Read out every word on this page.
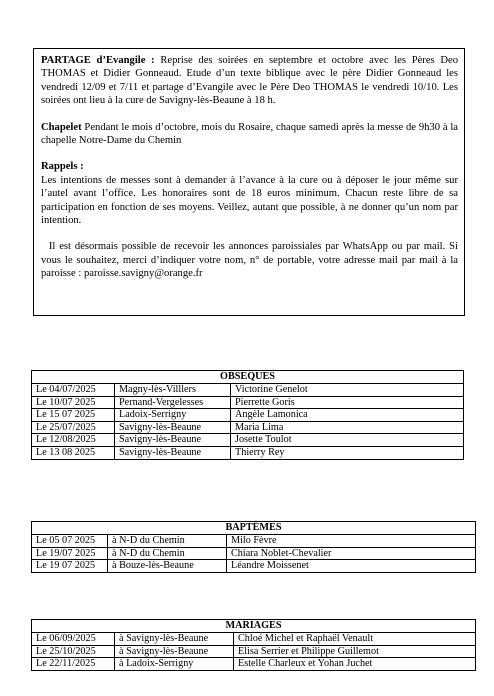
PARTAGE d’Evangile : Reprise des soirées en septembre et octobre avec les Pères Deo THOMAS et Didier Gonneaud. Etude d’un texte biblique avec le père Didier Gonneaud les vendredi 12/09 et 7/11 et partage d’Evangile avec le Père Deo THOMAS le vendredi 10/10. Les soirées ont lieu à la cure de Savigny-lès-Beaune à 18 h.

Chapelet Pendant le mois d’octobre, mois du Rosaire, chaque samedi après la messe de 9h30 à la chapelle Notre-Dame du Chemin

Rappels :
Les intentions de messes sont à demander à l’avance à la cure ou à déposer le jour même sur l’autel avant l’office. Les honoraires sont de 18 euros minimum. Chacun reste libre de sa participation en fonction de ses moyens. Veillez, autant que possible, à ne donner qu’un nom par intention.

Il est désormais possible de recevoir les annonces paroissiales par WhatsApp ou par mail. Si vous le souhaitez, merci d’indiquer votre nom, n° de portable, votre adresse mail par mail à la paroisse : paroisse.savigny@orange.fr

OBSEQUES		
Le 04/07/2025	Magny-lès-Villlers	Victorine Genelot
Le 10/07 2025	Pernand-Vergelesses	Pierrette Goris
Le 15 07 2025	Ladoix-Serrigny	Angèle Lamonica
Le 25/07/2025	Savigny-lès-Beaune	Maria Lima
Le 12/08/2025	Savigny-lès-Beaune	Josette Toulot
Le 13 08 2025	Savigny-lès-Beaune	Thierry Rey
BAPTÊMES		
Le 05 07 2025	à N-D du Chemin	Milo Fèvre
Le 19/07 2025	à N-D du Chemin	Chiara Noblet-Chevalier
Le 19 07 2025	à Bouze-lès-Beaune	Léandre Moissenet
MARIAGES		
Le 06/09/2025	à Savigny-lès-Beaune	Chloé Michel et Raphaël Venault
Le 25/10/2025	à Savigny-lès-Beaune	Elisa Serrier et Philippe Guillemot
Le 22/11/2025	à Ladoix-Serrigny	Estelle Charleux et Yohan Juchet
